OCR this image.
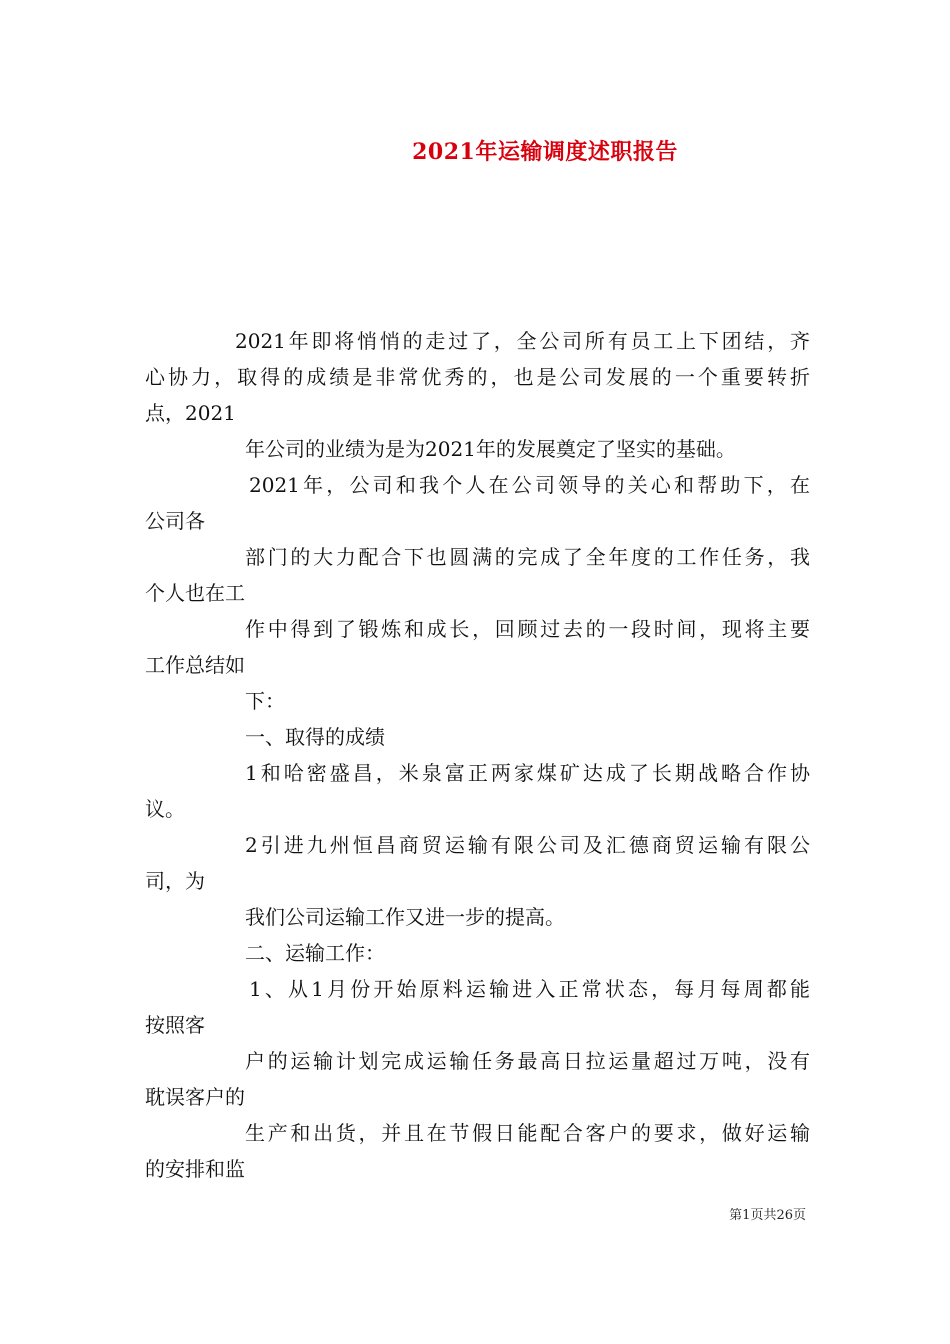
2021年运输调度述职报告
2021年即将悄悄的走过了，全公司所有员工上下团结，齐
心协力，取得的成绩是非常优秀的，也是公司发展的一个重要转折
点，2021
年公司的业绩为是为2021年的发展奠定了坚实的基础。
2021年，公司和我个人在公司领导的关心和帮助下，在
公司各
部门的大力配合下也圆满的完成了全年度的工作任务，我
个人也在工
作中得到了锻炼和成长，回顾过去的一段时间，现将主要
工作总结如
下：
一、取得的成绩
1和哈密盛昌，米泉富正两家煤矿达成了长期战略合作协
议。
2引进九州恒昌商贸运输有限公司及汇德商贸运输有限公
司，为
我们公司运输工作又进一步的提高。
二、运输工作：
1、从1月份开始原料运输进入正常状态，每月每周都能
按照客
户的运输计划完成运输任务最高日拉运量超过万吨，没有
耽误客户的
生产和出货，并且在节假日能配合客户的要求，做好运输
的安排和监
第1页共26页
